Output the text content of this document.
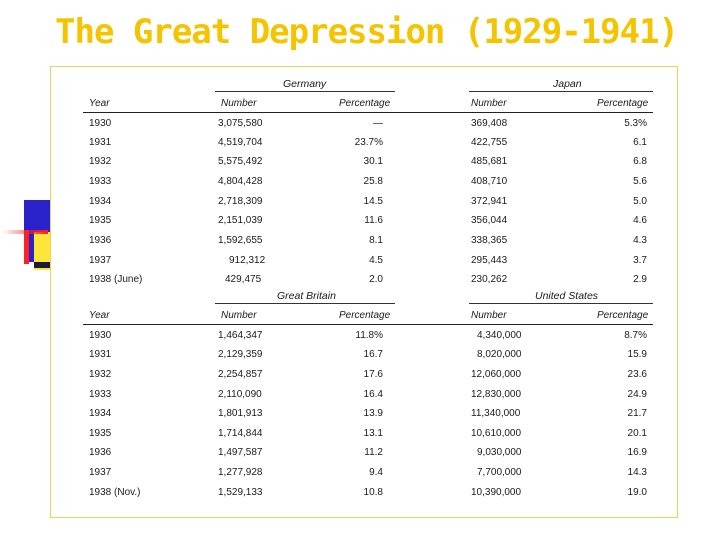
The Great Depression (1929-1941)
Germany	Japan
Year	Number	Percentage	Number	Percentage
1930	3,075,580	—	369,408	5.3%
1931	4,519,704	23.7%	422,755	6.1
1932	5,575,492	30.1	485,681	6.8
1933	4,804,428	25.8	408,710	5.6
1934	2,718,309	14.5	372,941	5.0
1935	2,151,039	11.6	356,044	4.6
1936	1,592,655	8.1	338,365	4.3
1937	912,312	4.5	295,443	3.7
1938 (June)	429,475	2.0	230,262	2.9
Great Britain	United States
Year	Number	Percentage	Number	Percentage
1930	1,464,347	11.8%	4,340,000	8.7%
1931	2,129,359	16.7	8,020,000	15.9
1932	2,254,857	17.6	12,060,000	23.6
1933	2,110,090	16.4	12,830,000	24.9
1934	1,801,913	13.9	11,340,000	21.7
1935	1,714,844	13.1	10,610,000	20.1
1936	1,497,587	11.2	9,030,000	16.9
1937	1,277,928	9.4	7,700,000	14.3
1938 (Nov.)	1,529,133	10.8	10,390,000	19.0
